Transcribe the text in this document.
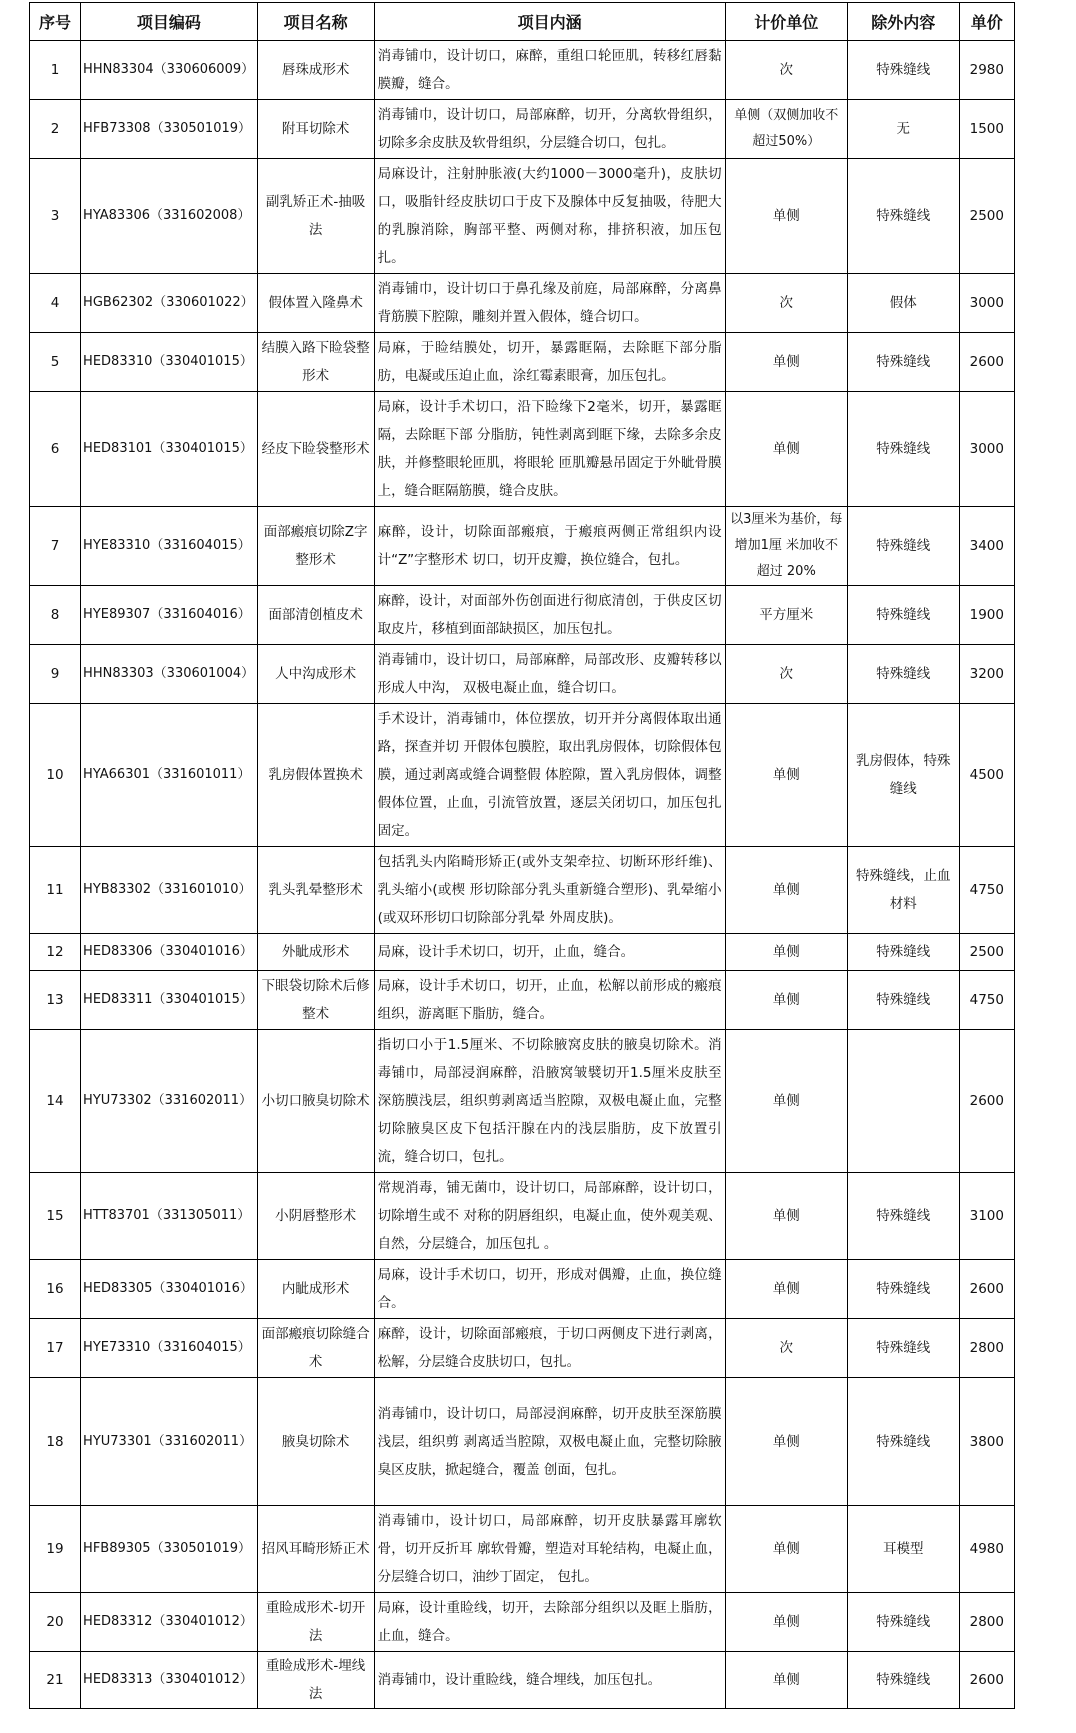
序号	项目编码	项目名称	项目内涵	计价单位	除外内容	单价
1	HHN83304（330606009）	唇珠成形术	消毒铺巾，设计切口，麻醉，重组口轮匝肌，转移红唇黏膜瓣，缝合。	次	特殊缝线	2980
2	HFB73308（330501019）	附耳切除术	消毒铺巾，设计切口，局部麻醉，切开，分离软骨组织，切除多余皮肤及软骨组织，分层缝合切口，包扎。	单侧（双侧加收不超过50%）	无	1500
3	HYA83306（331602008）	副乳矫正术-抽吸法	局麻设计，注射肿胀液(大约1000－3000毫升)，皮肤切口，吸脂针经皮肤切口于皮下及腺体中反复抽吸，待肥大的乳腺消除，胸部平整、两侧对称，排挤积液，加压包扎。	单侧	特殊缝线	2500
4	HGB62302（330601022）	假体置入隆鼻术	消毒铺巾，设计切口于鼻孔缘及前庭，局部麻醉，分离鼻背筋膜下腔隙，雕刻并置入假体，缝合切口。	次	假体	3000
5	HED83310（330401015）	结膜入路下睑袋整形术	局麻，于睑结膜处，切开，暴露眶隔，去除眶下部分脂肪，电凝或压迫止血，涂红霉素眼膏，加压包扎。	单侧	特殊缝线	2600
6	HED83101（330401015）	经皮下睑袋整形术	局麻，设计手术切口，沿下睑缘下2毫米，切开，暴露眶隔，去除眶下部 分脂肪，钝性剥离到眶下缘，去除多余皮肤，并修整眼轮匝肌，将眼轮 匝肌瓣悬吊固定于外眦骨膜上，缝合眶隔筋膜，缝合皮肤。	单侧	特殊缝线	3000
7	HYE83310（331604015）	面部瘢痕切除Z字整形术	麻醉，设计，切除面部瘢痕，于瘢痕两侧正常组织内设计“Z”字整形术 切口，切开皮瓣，换位缝合，包扎。	以3厘米为基价，每增加1厘 米加收不超过 20%	特殊缝线	3400
8	HYE89307（331604016）	面部清创植皮术	麻醉，设计，对面部外伤创面进行彻底清创，于供皮区切取皮片，移植到面部缺损区，加压包扎。	平方厘米	特殊缝线	1900
9	HHN83303（330601004）	人中沟成形术	消毒铺巾，设计切口，局部麻醉，局部改形、皮瓣转移以形成人中沟， 双极电凝止血，缝合切口。	次	特殊缝线	3200
10	HYA66301（331601011）	乳房假体置换术	手术设计，消毒铺巾，体位摆放，切开并分离假体取出通路，探查并切 开假体包膜腔，取出乳房假体，切除假体包膜，通过剥离或缝合调整假 体腔隙，置入乳房假体，调整假体位置，止血，引流管放置，逐层关闭切口，加压包扎固定。	单侧	乳房假体，特殊缝线	4500
11	HYB83302（331601010）	乳头乳晕整形术	包括乳头内陷畸形矫正(或外支架牵拉、切断环形纤维)、乳头缩小(或楔 形切除部分乳头重新缝合塑形)、乳晕缩小(或双环形切口切除部分乳晕 外周皮肤)。	单侧	特殊缝线，止血材料	4750
12	HED83306（330401016）	外眦成形术	局麻，设计手术切口，切开，止血，缝合。	单侧	特殊缝线	2500
13	HED83311（330401015）	下眼袋切除术后修整术	局麻，设计手术切口，切开，止血，松解以前形成的瘢痕组织，游离眶下脂肪，缝合。	单侧	特殊缝线	4750
14	HYU73302（331602011）	小切口腋臭切除术	指切口小于1.5厘米、不切除腋窝皮肤的腋臭切除术。消毒铺巾，局部浸润麻醉，沿腋窝皱襞切开1.5厘米皮肤至深筋膜浅层，组织剪剥离适当腔隙，双极电凝止血，完整切除腋臭区皮下包括汗腺在内的浅层脂肪，皮下放置引流，缝合切口，包扎。	单侧		2600
15	HTT83701（331305011）	小阴唇整形术	常规消毒，铺无菌巾，设计切口，局部麻醉，设计切口，切除增生或不 对称的阴唇组织，电凝止血，使外观美观、自然，分层缝合，加压包扎 。	单侧	特殊缝线	3100
16	HED83305（330401016）	内眦成形术	局麻，设计手术切口，切开，形成对偶瓣，止血，换位缝合。	单侧	特殊缝线	2600
17	HYE73310（331604015）	面部瘢痕切除缝合术	麻醉，设计，切除面部瘢痕，于切口两侧皮下进行剥离，松解，分层缝合皮肤切口，包扎。	次	特殊缝线	2800
18	HYU73301（331602011）	腋臭切除术	消毒铺巾，设计切口，局部浸润麻醉，切开皮肤至深筋膜浅层，组织剪 剥离适当腔隙，双极电凝止血，完整切除腋臭区皮肤，掀起缝合，覆盖 创面，包扎。	单侧	特殊缝线	3800
19	HFB89305（330501019）	招风耳畸形矫正术	消毒铺巾，设计切口，局部麻醉，切开皮肤暴露耳廓软骨，切开反折耳 廓软骨瓣，塑造对耳轮结构，电凝止血，分层缝合切口，油纱丁固定， 包扎。	单侧	耳模型	4980
20	HED83312（330401012）	重睑成形术-切开法	局麻，设计重睑线，切开，去除部分组织以及眶上脂肪，止血，缝合。	单侧	特殊缝线	2800
21	HED83313（330401012）	重睑成形术-埋线法	消毒铺巾，设计重睑线，缝合埋线，加压包扎。	单侧	特殊缝线	2600
